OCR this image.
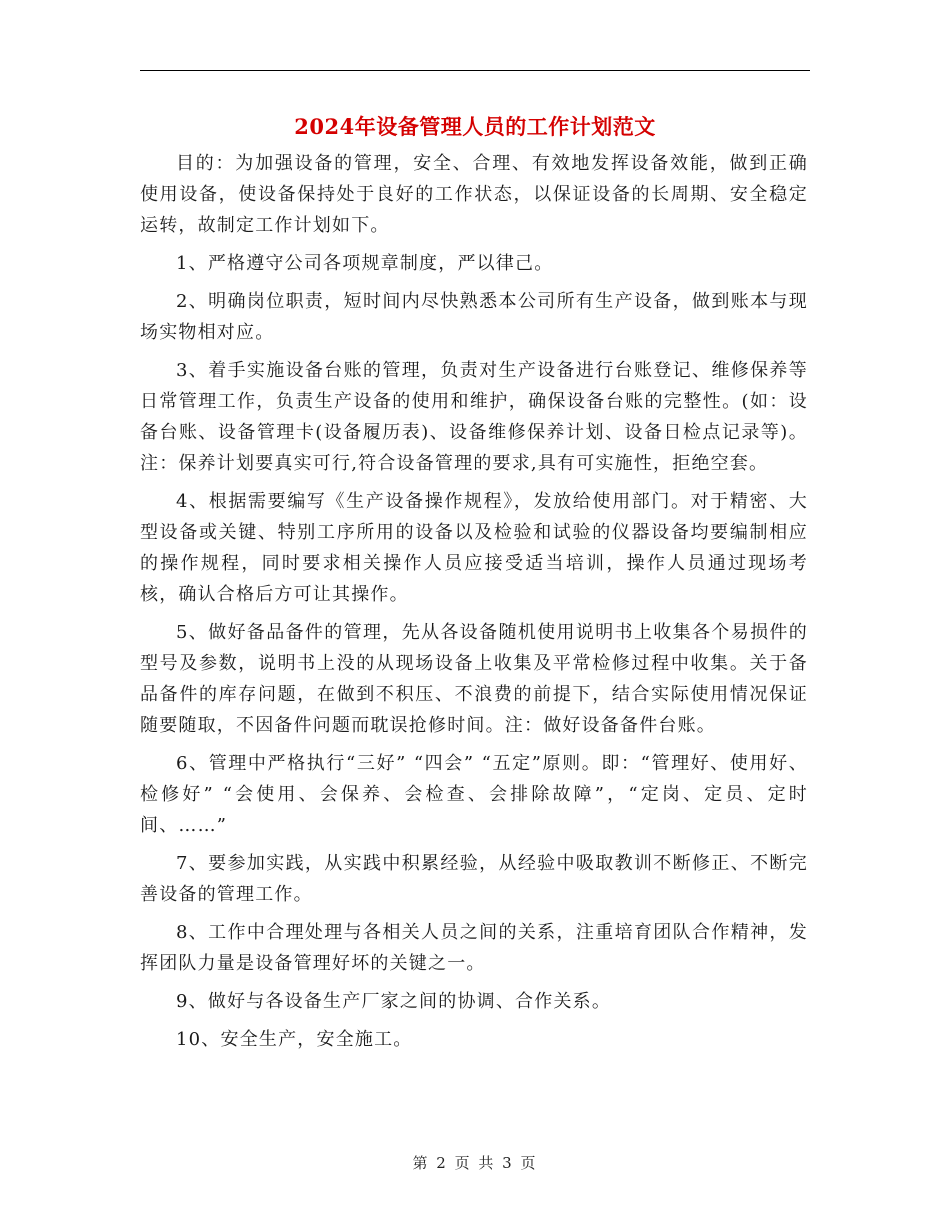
2024年设备管理人员的工作计划范文

目的：为加强设备的管理，安全、合理、有效地发挥设备效能，做到正确使用设备，使设备保持处于良好的工作状态，以保证设备的长周期、安全稳定运转，故制定工作计划如下。

1、严格遵守公司各项规章制度，严以律己。

2、明确岗位职责，短时间内尽快熟悉本公司所有生产设备，做到账本与现场实物相对应。

3、着手实施设备台账的管理，负责对生产设备进行台账登记、维修保养等日常管理工作，负责生产设备的使用和维护，确保设备台账的完整性。(如：设备台账、设备管理卡(设备履历表)、设备维修保养计划、设备日检点记录等)。注：保养计划要真实可行,符合设备管理的要求,具有可实施性，拒绝空套。

4、根据需要编写《生产设备操作规程》，发放给使用部门。对于精密、大型设备或关键、特别工序所用的设备以及检验和试验的仪器设备均要编制相应的操作规程，同时要求相关操作人员应接受适当培训，操作人员通过现场考核，确认合格后方可让其操作。

5、做好备品备件的管理，先从各设备随机使用说明书上收集各个易损件的型号及参数，说明书上没的从现场设备上收集及平常检修过程中收集。关于备品备件的库存问题，在做到不积压、不浪费的前提下，结合实际使用情况保证随要随取，不因备件问题而耽误抢修时间。注：做好设备备件台账。

6、管理中严格执行“三好” “四会” “五定”原则。即：“管理好、使用好、检修好” “会使用、会保养、会检查、会排除故障”，“定岗、定员、定时间、……”

7、要参加实践，从实践中积累经验，从经验中吸取教训不断修正、不断完善设备的管理工作。

8、工作中合理处理与各相关人员之间的关系，注重培育团队合作精神，发挥团队力量是设备管理好坏的关键之一。

9、做好与各设备生产厂家之间的协调、合作关系。

10、安全生产，安全施工。

第 2 页 共 3 页
